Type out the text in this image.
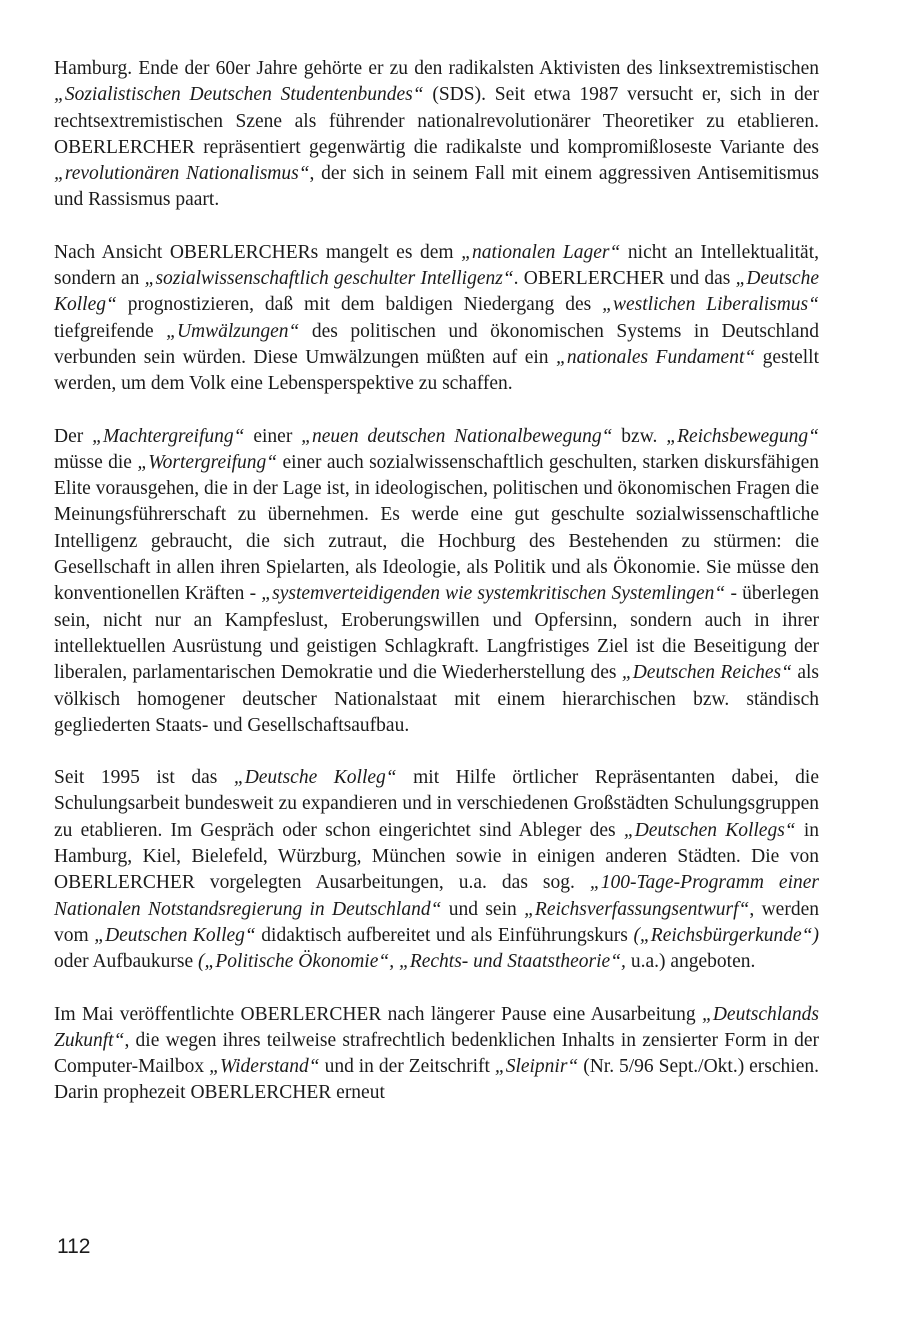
Hamburg. Ende der 60er Jahre gehörte er zu den radikalsten Aktivisten des linksextremistischen „Sozialistischen Deutschen Studentenbundes“ (SDS). Seit etwa 1987 versucht er, sich in der rechtsextremistischen Szene als führender nationalrevolutionärer Theoretiker zu etablieren. OBERLERCHER repräsentiert gegenwärtig die radikalste und kompromißloseste Variante des „revolutionären Nationalismus“, der sich in seinem Fall mit einem aggressiven Antisemitismus und Rassismus paart.

Nach Ansicht OBERLERCHERs mangelt es dem „nationalen Lager“ nicht an Intellektualität, sondern an „sozialwissenschaftlich geschulter Intelligenz“. OBERLERCHER und das „Deutsche Kolleg“ prognostizieren, daß mit dem baldigen Niedergang des „westlichen Liberalismus“ tiefgreifende „Umwälzungen“ des politischen und ökonomischen Systems in Deutschland verbunden sein würden. Diese Umwälzungen müßten auf ein „nationales Fundament“ gestellt werden, um dem Volk eine Lebensperspektive zu schaffen.

Der „Machtergreifung“ einer „neuen deutschen Nationalbewegung“ bzw. „Reichsbewegung“ müsse die „Wortergreifung“ einer auch sozialwissenschaftlich geschulten, starken diskursfähigen Elite vorausgehen, die in der Lage ist, in ideologischen, politischen und ökonomischen Fragen die Meinungsführerschaft zu übernehmen. Es werde eine gut geschulte sozialwissenschaftliche Intelligenz gebraucht, die sich zutraut, die Hochburg des Bestehenden zu stürmen: die Gesellschaft in allen ihren Spielarten, als Ideologie, als Politik und als Ökonomie. Sie müsse den konventionellen Kräften - „systemverteidigenden wie systemkritischen Systemlingen“ - überlegen sein, nicht nur an Kampfeslust, Eroberungswillen und Opfersinn, sondern auch in ihrer intellektuellen Ausrüstung und geistigen Schlagkraft. Langfristiges Ziel ist die Beseitigung der liberalen, parlamentarischen Demokratie und die Wiederherstellung des „Deutschen Reiches“ als völkisch homogener deutscher Nationalstaat mit einem hierarchischen bzw. ständisch gegliederten Staats- und Gesellschaftsaufbau.

Seit 1995 ist das „Deutsche Kolleg“ mit Hilfe örtlicher Repräsentanten dabei, die Schulungsarbeit bundesweit zu expandieren und in verschiedenen Großstädten Schulungsgruppen zu etablieren. Im Gespräch oder schon eingerichtet sind Ableger des „Deutschen Kollegs“ in Hamburg, Kiel, Bielefeld, Würzburg, München sowie in einigen anderen Städten. Die von OBERLERCHER vorgelegten Ausarbeitungen, u.a. das sog. „100-Tage-Programm einer Nationalen Notstandsregierung in Deutschland“ und sein „Reichsverfassungsentwurf“, werden vom „Deutschen Kolleg“ didaktisch aufbereitet und als Einführungskurs („Reichsbürgerkunde“) oder Aufbaukurse („Politische Ökonomie“, „Rechts- und Staatstheorie“, u.a.) angeboten.

Im Mai veröffentlichte OBERLERCHER nach längerer Pause eine Ausarbeitung „Deutschlands Zukunft“, die wegen ihres teilweise strafrechtlich bedenklichen Inhalts in zensierter Form in der Computer-Mailbox „Widerstand“ und in der Zeitschrift „Sleipnir“ (Nr. 5/96 Sept./Okt.) erschien. Darin prophezeit OBERLERCHER erneut

112
